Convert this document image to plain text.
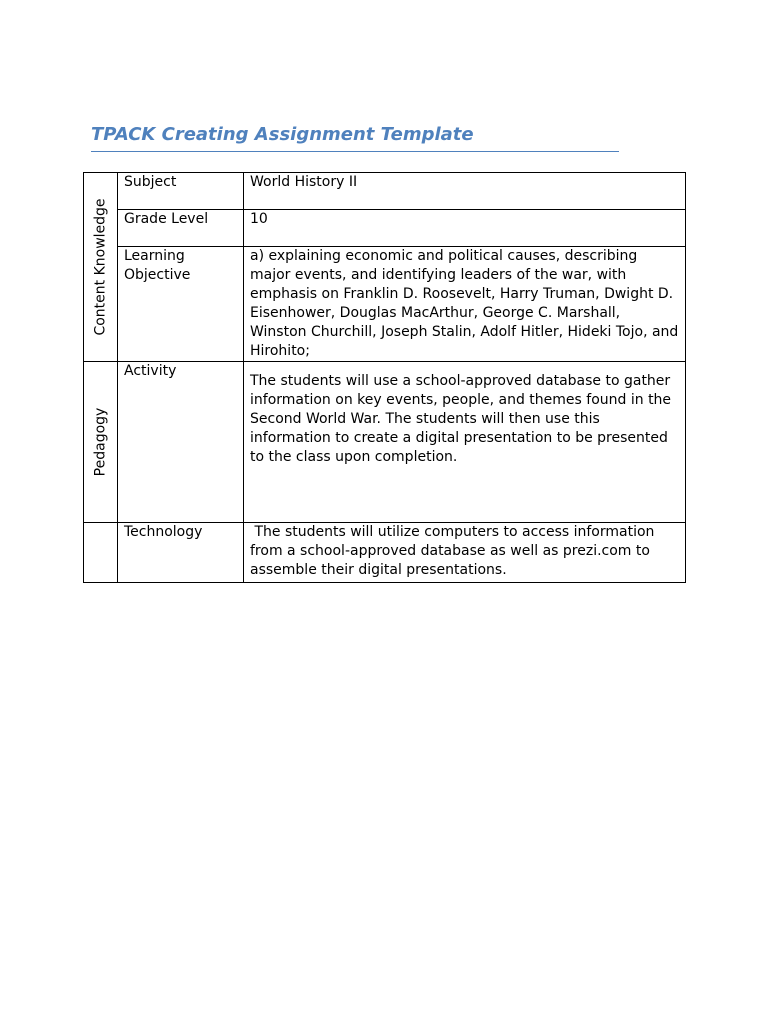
TPACK Creating Assignment Template
Content Knowledge	Subject	World History II
	Grade Level	10
	Learning Objective	a) explaining economic and political causes, describing major events, and identifying leaders of the war, with emphasis on Franklin D. Roosevelt, Harry Truman, Dwight D. Eisenhower, Douglas MacArthur, George C. Marshall, Winston Churchill, Joseph Stalin, Adolf Hitler, Hideki Tojo, and Hirohito;

Pedagogy	Activity	The students will use a school-approved database to gather information on key events, people, and themes found in the Second World War. The students will then use this information to create a digital presentation to be presented to the class upon completion.

	Technology	The students will utilize computers to access information from a school-approved database as well as prezi.com to assemble their digital presentations.
